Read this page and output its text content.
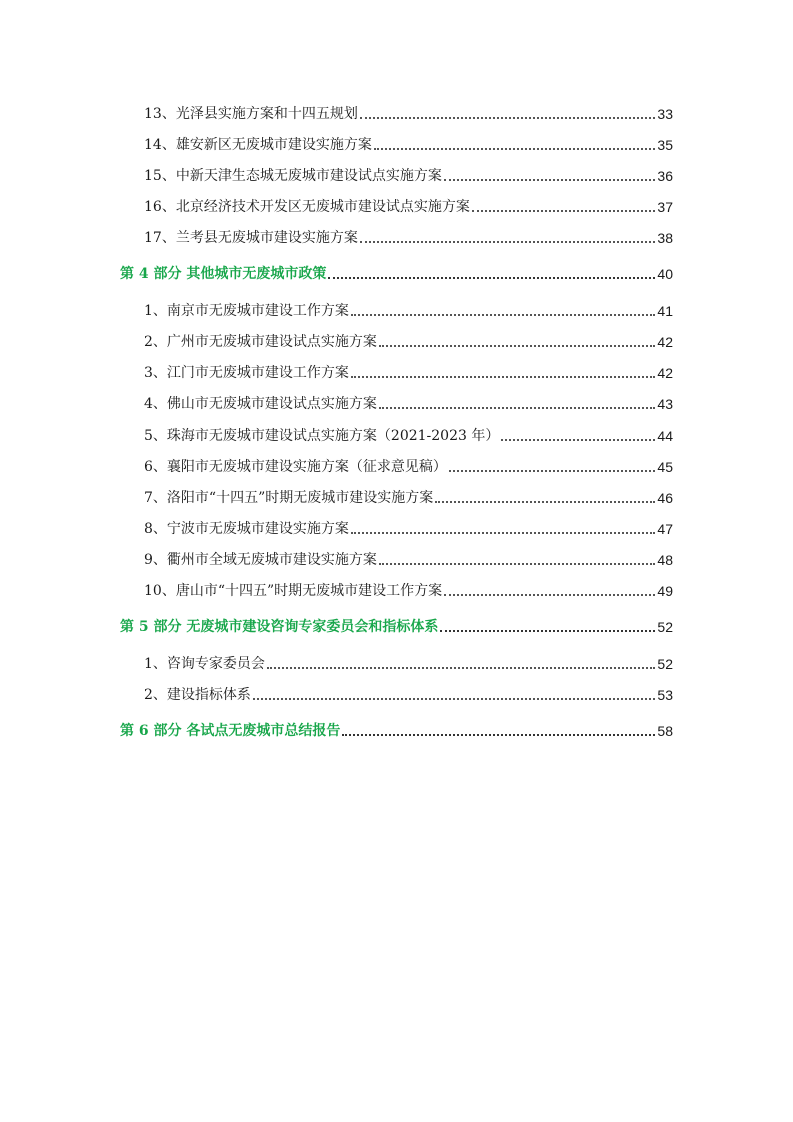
13、光泽县实施方案和十四五规划	33
14、雄安新区无废城市建设实施方案	35
15、中新天津生态城无废城市建设试点实施方案	36
16、北京经济技术开发区无废城市建设试点实施方案	37
17、兰考县无废城市建设实施方案	38
第 4 部分 其他城市无废城市政策	40
1、南京市无废城市建设工作方案	41
2、广州市无废城市建设试点实施方案	42
3、江门市无废城市建设工作方案	42
4、佛山市无废城市建设试点实施方案	43
5、珠海市无废城市建设试点实施方案（2021-2023 年）	44
6、襄阳市无废城市建设实施方案（征求意见稿）	45
7、洛阳市“十四五”时期无废城市建设实施方案	46
8、宁波市无废城市建设实施方案	47
9、衢州市全域无废城市建设实施方案	48
10、唐山市“十四五”时期无废城市建设工作方案	49
第 5 部分 无废城市建设咨询专家委员会和指标体系	52
1、咨询专家委员会	52
2、建设指标体系	53
第 6 部分 各试点无废城市总结报告	58
